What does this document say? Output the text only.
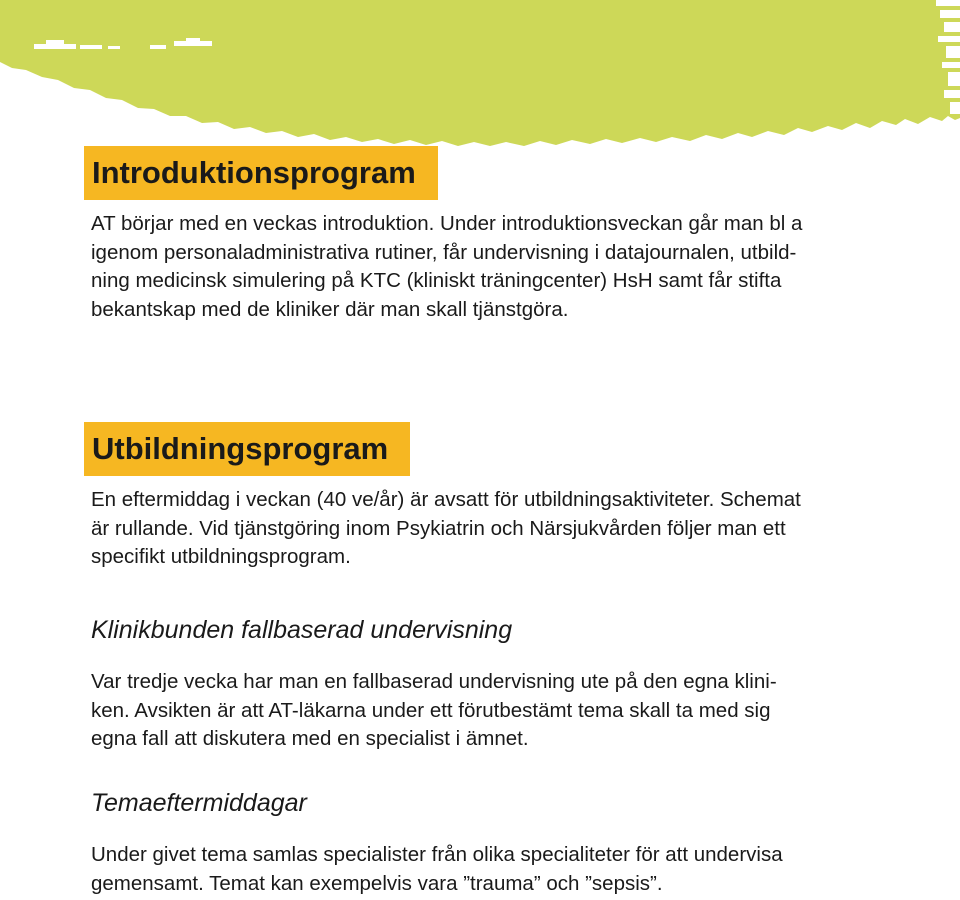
Introduktionsprogram

AT börjar med en veckas introduktion. Under introduktionsveckan går man bl a
igenom personaladministrativa rutiner, får undervisning i datajournalen, utbild-
ning medicinsk simulering på KTC (kliniskt träningcenter) HsH samt får stifta
bekantskap med de kliniker där man skall tjänstgöra.

Utbildningsprogram

En eftermiddag i veckan (40 ve/år) är avsatt för utbildningsaktiviteter. Schemat
är rullande. Vid tjänstgöring inom Psykiatrin och Närsjukvården följer man ett
specifikt utbildningsprogram.

Klinikbunden fallbaserad undervisning

Var tredje vecka har man en fallbaserad undervisning ute på den egna klini-
ken. Avsikten är att AT-läkarna under ett förutbestämt tema skall ta med sig
egna fall att diskutera med en specialist i ämnet.

Temaeftermiddagar

Under givet tema samlas specialister från olika specialiteter för att undervisa
gemensamt. Temat kan exempelvis vara ”trauma” och ”sepsis”.
